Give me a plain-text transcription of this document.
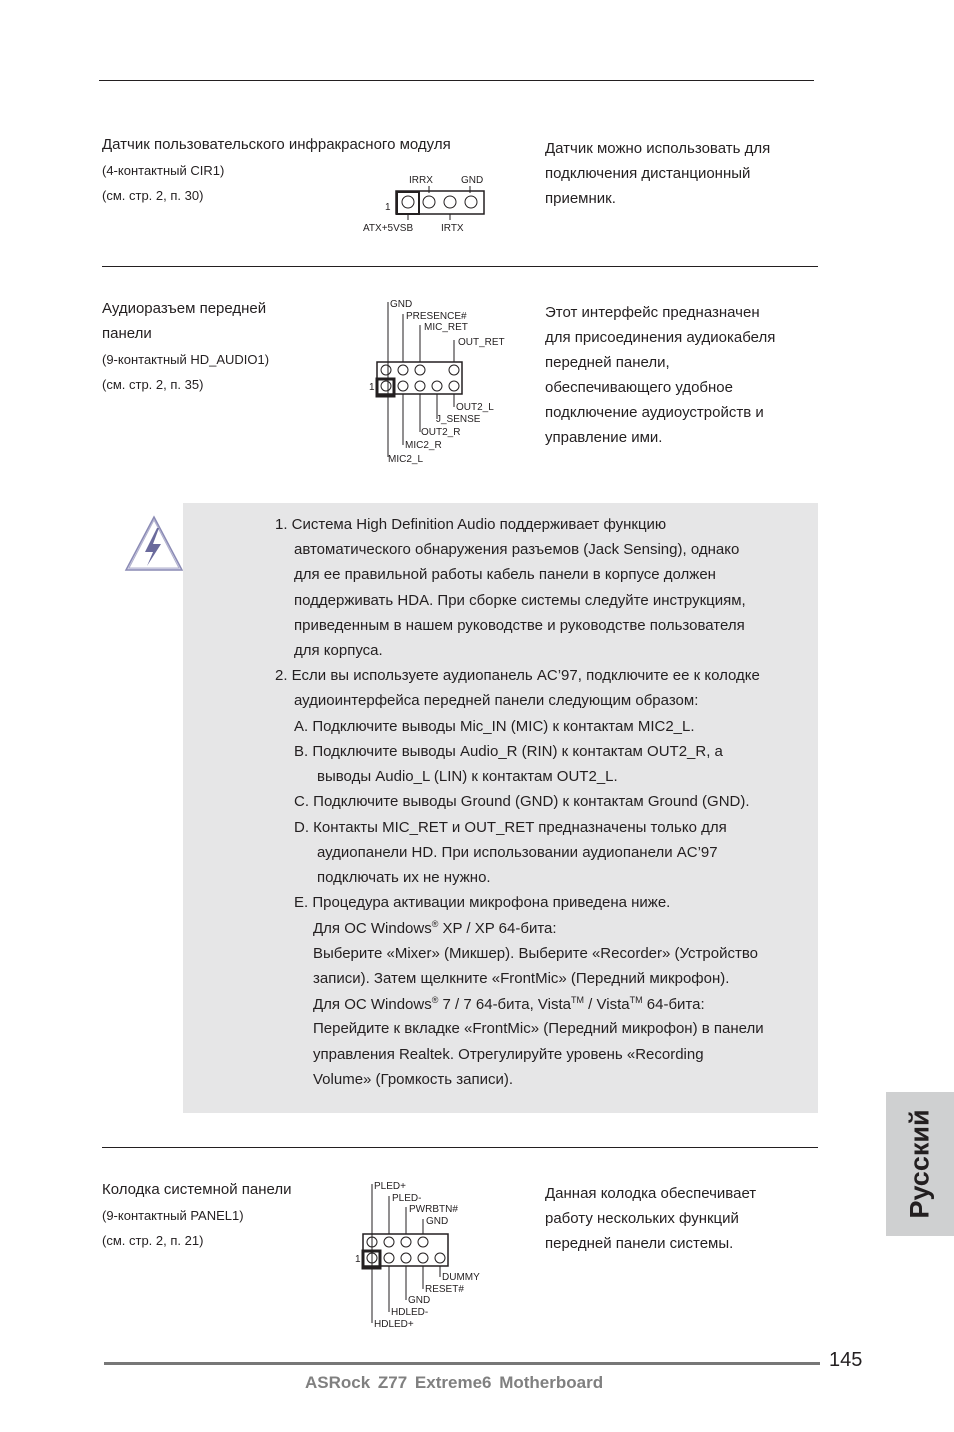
Датчик пользовательского инфракрасного модуля
(4-контактный CIR1)
(см. стр. 2, п. 30)
IRRX	GND
1
ATX+5VSB	IRTX
Датчик можно использовать для
подключения дистанционный
приемник.
Аудиоразъем передней
панели
(9-контактный HD_AUDIO1)
(см. стр. 2, п. 35)
GND
PRESENCE#
MIC_RET
OUT_RET
1
OUT2_L
J_SENSE
OUT2_R
MIC2_R
MIC2_L
Этот интерфейс предназначен
для присоединения аудиокабеля
передней панели,
обеспечивающего удобное
подключение аудиоустройств и
управление ими.
1. Система High Definition Audio поддерживает функцию
автоматического обнаружения разъемов (Jack Sensing), однако
для ее правильной работы кабель панели в корпусе должен
поддерживать HDA. При сборке системы следуйте инструкциям,
приведенным в нашем руководстве и руководстве пользователя
для корпуса.
2. Если вы используете аудиопанель AC’97, подключите ее к колодке
аудиоинтерфейса передней панели следующим образом:
A. Подключите выводы Mic_IN (MIC) к контактам MIC2_L.
B. Подключите выводы Audio_R (RIN) к контактам OUT2_R, а
выводы Audio_L (LIN) к контактам OUT2_L.
C. Подключите выводы Ground (GND) к контактам Ground (GND).
D. Контакты MIC_RET и OUT_RET предназначены только для
аудиопанели HD. При использовании аудиопанели AC’97
подключать их не нужно.
E. Процедура активации микрофона приведена ниже.
Для ОС Windows® XP / XP 64-бита:
Выберите «Mixer» (Микшер). Выберите «Recorder» (Устройство
записи). Затем щелкните «FrontMic» (Передний микрофон).
Для ОС Windows® 7 / 7 64-бита, Vista™ / Vista™ 64-бита:
Перейдите к вкладке «FrontMic» (Передний микрофон) в панели
управления Realtek. Отрегулируйте уровень «Recording
Volume» (Громкость записи).
Колодка системной панели
(9-контактный PANEL1)
(см. стр. 2, п. 21)
PLED+
PLED-
PWRBTN#
GND
1
DUMMY
RESET#
GND
HDLED-
HDLED+
Данная колодка обеспечивает
работу нескольких функций
передней панели системы.
Русский
145
ASRock Z77 Extreme6 Motherboard
